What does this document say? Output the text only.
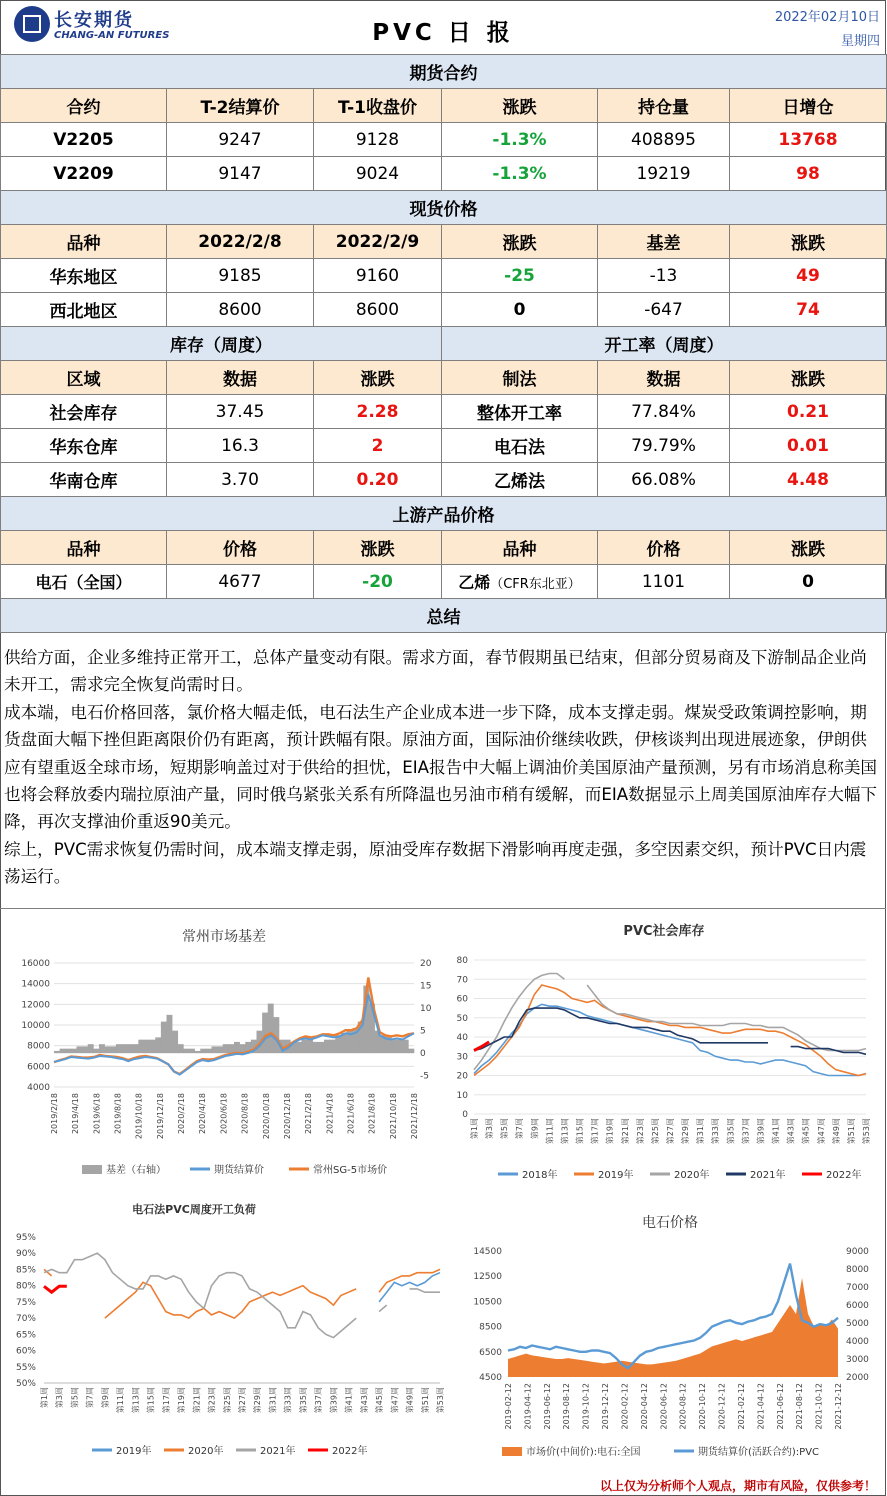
长安期货
CHANG-AN FUTURES	PVC 日 报
2022年02月10日
星期四
期货合约					
合约	T-2结算价	T-1收盘价	涨跌	持仓量	日增仓
V2205	9247	9128	-1.3%	408895	13768
V2209	9147	9024	-1.3%	19219	98
现货价格					
品种	2022/2/8	2022/2/9	涨跌	基差	涨跌
华东地区	9185	9160	-25	-13	49
西北地区	8600	8600	0	-647	74
库存（周度）			开工率（周度）		
区域	数据	涨跌	制法	数据	涨跌
社会库存	37.45	2.28	整体开工率	77.84%	0.21
华东仓库	16.3	2	电石法	79.79%	0.01
华南仓库	3.70	0.20	乙烯法	66.08%	4.48
上游产品价格					
品种	价格	涨跌	品种	价格	涨跌
电石（全国）	4677	-20	乙烯（CFR东北亚）	1101	0
总结					

供给方面，企业多维持正常开工，总体产量变动有限。需求方面，春节假期虽已结束，但部分贸易商及下游制品企业尚未开工，需求完全恢复尚需时日。

成本端，电石价格回落，氯价格大幅走低，电石法生产企业成本进一步下降，成本支撑走弱。煤炭受政策调控影响，期货盘面大幅下挫但距离限价仍有距离，预计跌幅有限。原油方面，国际油价继续收跌，伊核谈判出现进展迹象，伊朗供应有望重返全球市场，短期影响盖过对于供给的担忧，EIA报告中大幅上调油价美国原油产量预测，另有市场消息称美国也将会释放委内瑞拉原油产量，同时俄乌紧张关系有所降温也另油市稍有缓解，而EIA数据显示上周美国原油库存大幅下降，再次支撑油价重返90美元。

综上，PVC需求恢复仍需时间，成本端支撑走弱，原油受库存数据下滑影响再度走强，多空因素交织，预计PVC日内震荡运行。

常州市场基差
16000
14000
12000
10000
8000
6000
4000
20
15
10
5
0
-5
2019/2/18 2019/4/18 2019/6/18 2019/8/18 2019/10/18 2019/12/18 2020/2/18 2020/4/18 2020/6/18 2020/8/18 2020/10/18 2020/12/18 2021/2/18 2021/4/18 2021/6/18 2021/8/18 2021/10/18 2021/12/18
基差（右轴）	期货结算价	常州SG-5市场价
PVC社会库存
80
70
60
50
40
30
20
10
0
第1周 第3周 第5周 第7周 第9周 第11周 第13周 第15周 第17周 第19周 第21周 第23周 第25周 第27周 第29周 第31周 第33周 第35周 第37周 第39周 第41周 第43周 第45周 第47周 第49周 第51周 第53周
2018年	2019年	2020年	2021年	2022年
电石法PVC周度开工负荷
95%
90%
85%
80%
75%
70%
65%
60%
55%
50%
第1周 第3周 第5周 第7周 第9周 第11周 第13周 第15周 第17周 第19周 第21周 第23周 第25周 第27周 第29周 第31周 第33周 第35周 第37周 第39周 第41周 第43周 第45周 第47周 第49周 第51周 第53周
2019年	2020年	2021年	2022年
电石价格
14500
12500
10500
8500
6500
4500
9000
8000
7000
6000
5000
4000
3000
2000
2019-02-12 2019-04-12 2019-06-12 2019-08-12 2019-10-12 2019-12-12 2020-02-12 2020-04-12 2020-06-12 2020-08-12 2020-10-12 2020-12-12 2021-02-12 2021-04-12 2021-06-12 2021-08-12 2021-10-12 2021-12-12
市场价(中间价):电石:全国	期货结算价(活跃合约):PVC
以上仅为分析师个人观点，期市有风险，仅供参考！
